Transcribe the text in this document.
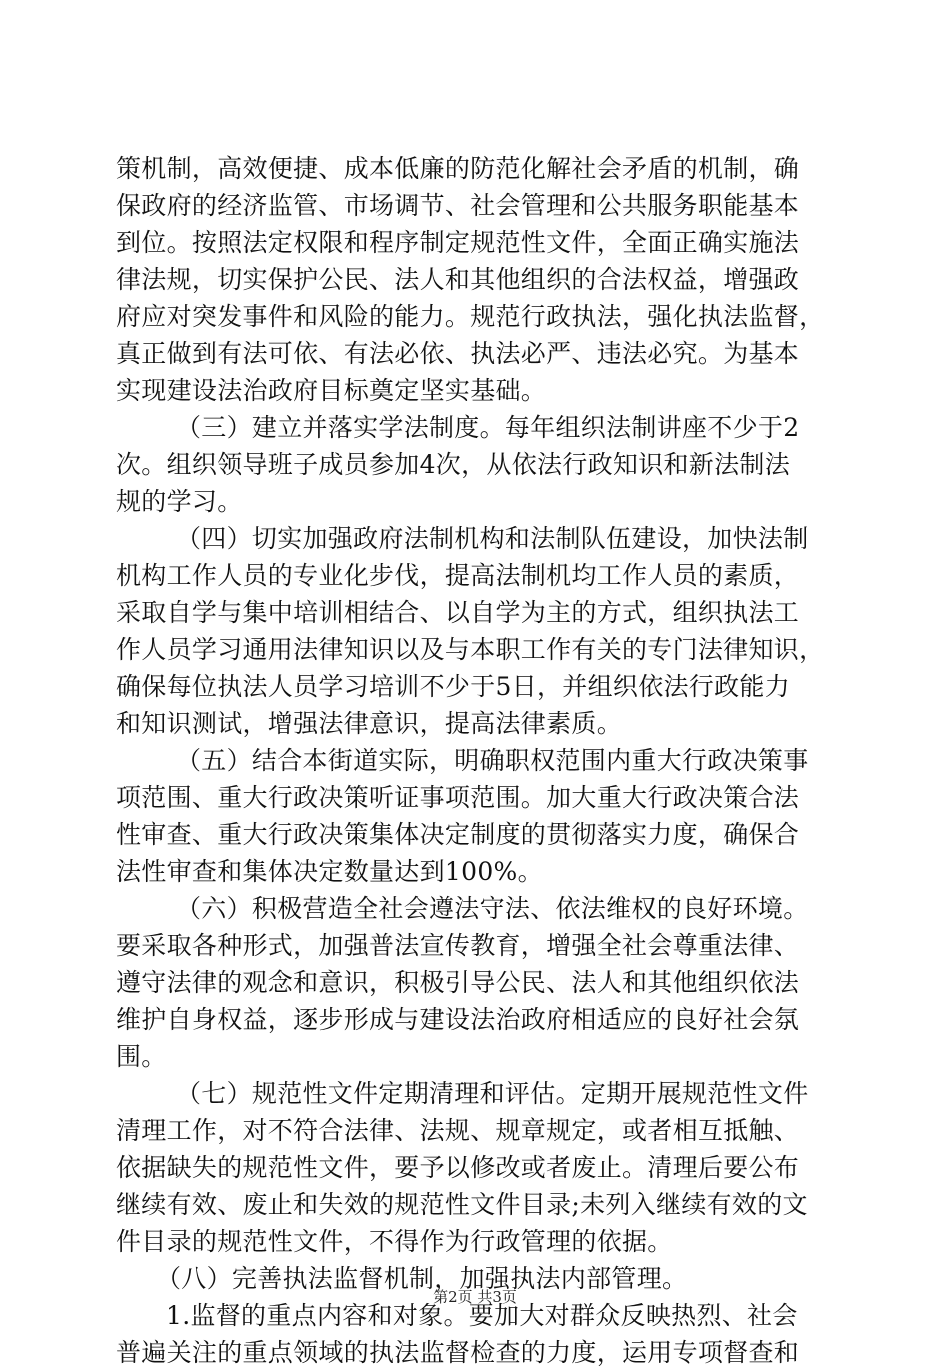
策机制，高效便捷、成本低廉的防范化解社会矛盾的机制，确
保政府的经济监管、市场调节、社会管理和公共服务职能基本
到位。按照法定权限和程序制定规范性文件，全面正确实施法
律法规，切实保护公民、法人和其他组织的合法权益，增强政
府应对突发事件和风险的能力。规范行政执法，强化执法监督，
真正做到有法可依、有法必依、执法必严、违法必究。为基本
实现建设法治政府目标奠定坚实基础。
（三）建立并落实学法制度。每年组织法制讲座不少于2
次。组织领导班子成员参加4次，从依法行政知识和新法制法
规的学习。
（四）切实加强政府法制机构和法制队伍建设，加快法制
机构工作人员的专业化步伐，提高法制机均工作人员的素质，
采取自学与集中培训相结合、以自学为主的方式，组织执法工
作人员学习通用法律知识以及与本职工作有关的专门法律知识，
确保每位执法人员学习培训不少于5日，并组织依法行政能力
和知识测试，增强法律意识，提高法律素质。
（五）结合本街道实际，明确职权范围内重大行政决策事
项范围、重大行政决策听证事项范围。加大重大行政决策合法
性审查、重大行政决策集体决定制度的贯彻落实力度，确保合
法性审查和集体决定数量达到100%。
（六）积极营造全社会遵法守法、依法维权的良好环境。
要采取各种形式，加强普法宣传教育，增强全社会尊重法律、
遵守法律的观念和意识，积极引导公民、法人和其他组织依法
维护自身权益，逐步形成与建设法治政府相适应的良好社会氛
围。
（七）规范性文件定期清理和评估。定期开展规范性文件
清理工作，对不符合法律、法规、规章规定，或者相互抵触、
依据缺失的规范性文件，要予以修改或者废止。清理后要公布
继续有效、废止和失效的规范性文件目录;未列入继续有效的文
件目录的规范性文件，不得作为行政管理的依据。
（八）完善执法监督机制，加强执法内部管理。
1.监督的重点内容和对象。要加大对群众反映热烈、社会
普遍关注的重点领域的执法监督检查的力度，运用专项督查和
第2页 共3页
